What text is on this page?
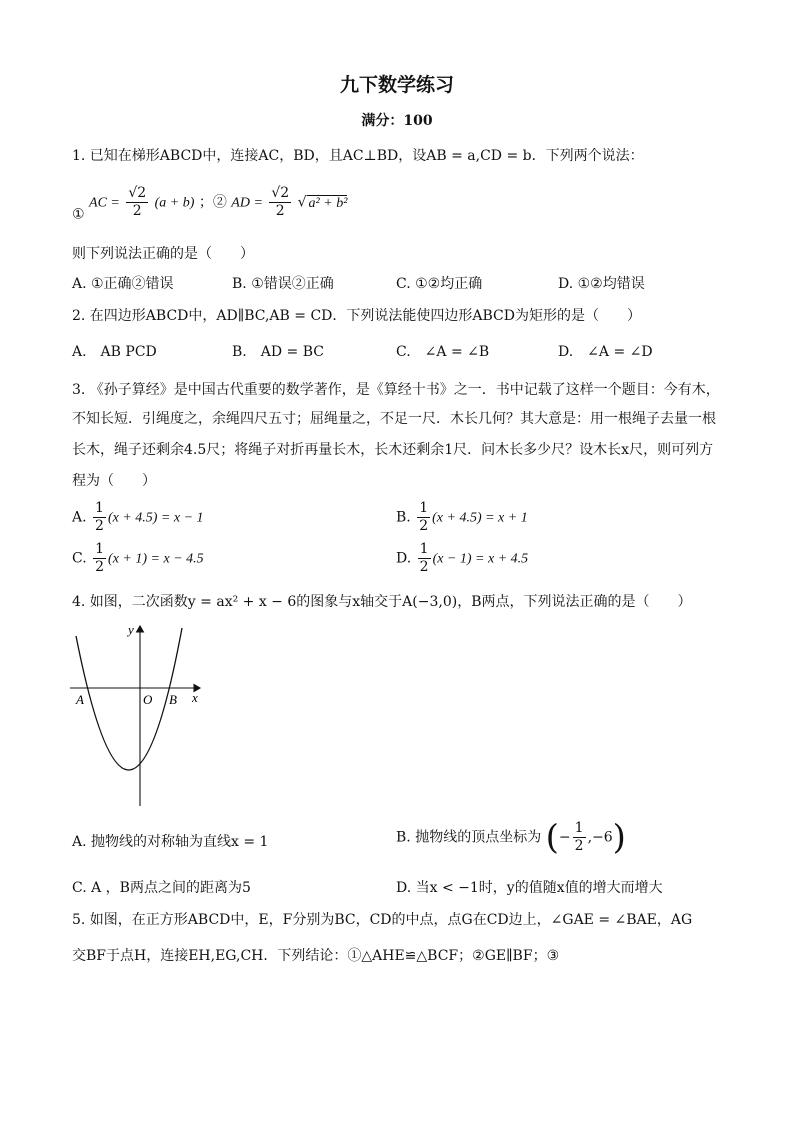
九下数学练习
满分：100
1. 已知在梯形ABCD中，连接AC，BD，且AC⊥BD，设AB = a,CD = b．下列两个说法：
① AC = $\frac{√2}{2} (a + b)$ ；② AD = $\frac{√2}{2}$ √ a² + b²
则下列说法正确的是（　　）
A. ①正确②错误	B. ①错误②正确	C. ①②均正确	D. ①②均错误
2. 在四边形ABCD中，AD∥BC,AB = CD．下列说法能使四边形ABCD为矩形的是（　　）
A.　AB PCD	B.　AD = BC	C.　∠A = ∠B	D.　∠A = ∠D
3. 《孙子算经》是中国古代重要的数学著作，是《算经十书》之一．书中记载了这样一个题目：今有木，
不知长短．引绳度之，余绳四尺五寸；屈绳量之，不足一尺．木长几何？其大意是：用一根绳子去量一根
长木，绳子还剩余4.5尺；将绳子对折再量长木，长木还剩余1尺．问木长多少尺？设木长x尺，则可列方
程为（　　）
A. $\frac{1}{2} (x + 4.5) = x - 1$	B. $\frac{1}{2} (x + 4.5) = x + 1$
C. $\frac{1}{2} (x + 1) = x - 4.5$	D. $\frac{1}{2} (x - 1) = x + 4.5$
4. 如图，二次函数y = ax² + x − 6的图象与x轴交于A(−3,0)，B两点，下列说法正确的是（　　）
y
x
A	O B
A. 抛物线的对称轴为直线x = 1	B. 抛物线的顶点坐标为 (− $\frac{1}{2} ,-6$)
C. A ，B两点之间的距离为5	D. 当x < −1时，y的值随x值的增大而增大
5. 如图，在正方形ABCD中，E，F分别为BC，CD的中点，点G在CD边上，∠GAE = ∠BAE，AG
交BF于点H，连接EH,EG,CH．下列结论：①△AHE≌△BCF；②GE∥BF；③
